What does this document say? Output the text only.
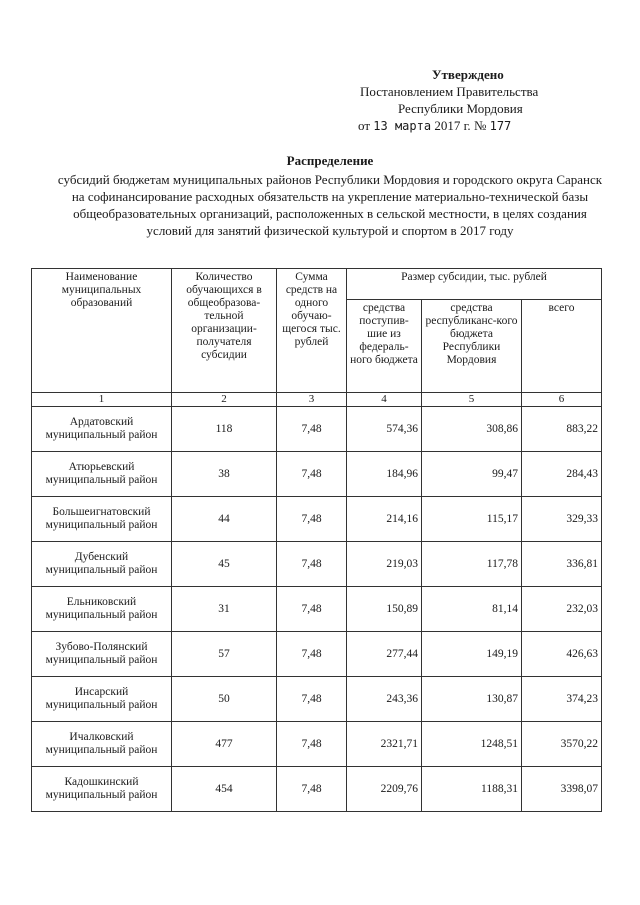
Утверждено
Постановлением Правительства
Республики Мордовия
от 13 марта 2017 г. № 177
Распределение
субсидий бюджетам муниципальных районов Республики Мордовия и городского округа Саранск на софинансирование расходных обязательств на укрепление материально-технической базы общеобразовательных организаций, расположенных в сельской местности, в целях создания условий для занятий физической культурой и спортом в 2017 году
Наименование муниципальных образований	Количество обучающихся в общеобразова-тельной организации-получателя субсидии	Сумма средств на одного обучаю-щегося тыс. рублей	Размер субсидии, тыс. рублей		
			средства поступив-шие из федераль-ного бюджета	средства республиканс-кого бюджета Республики Мордовия	всего
1	2	3	4	5	6
Ардатовский муниципальный район	118	7,48	574,36	308,86	883,22
Атюрьевский муниципальный район	38	7,48	184,96	99,47	284,43
Большеигнатовский муниципальный район	44	7,48	214,16	115,17	329,33
Дубенский муниципальный район	45	7,48	219,03	117,78	336,81
Ельниковский муниципальный район	31	7,48	150,89	81,14	232,03
Зубово-Полянский муниципальный район	57	7,48	277,44	149,19	426,63
Инсарский муниципальный район	50	7,48	243,36	130,87	374,23
Ичалковский муниципальный район	477	7,48	2321,71	1248,51	3570,22
Кадошкинский муниципальный район	454	7,48	2209,76	1188,31	3398,07
